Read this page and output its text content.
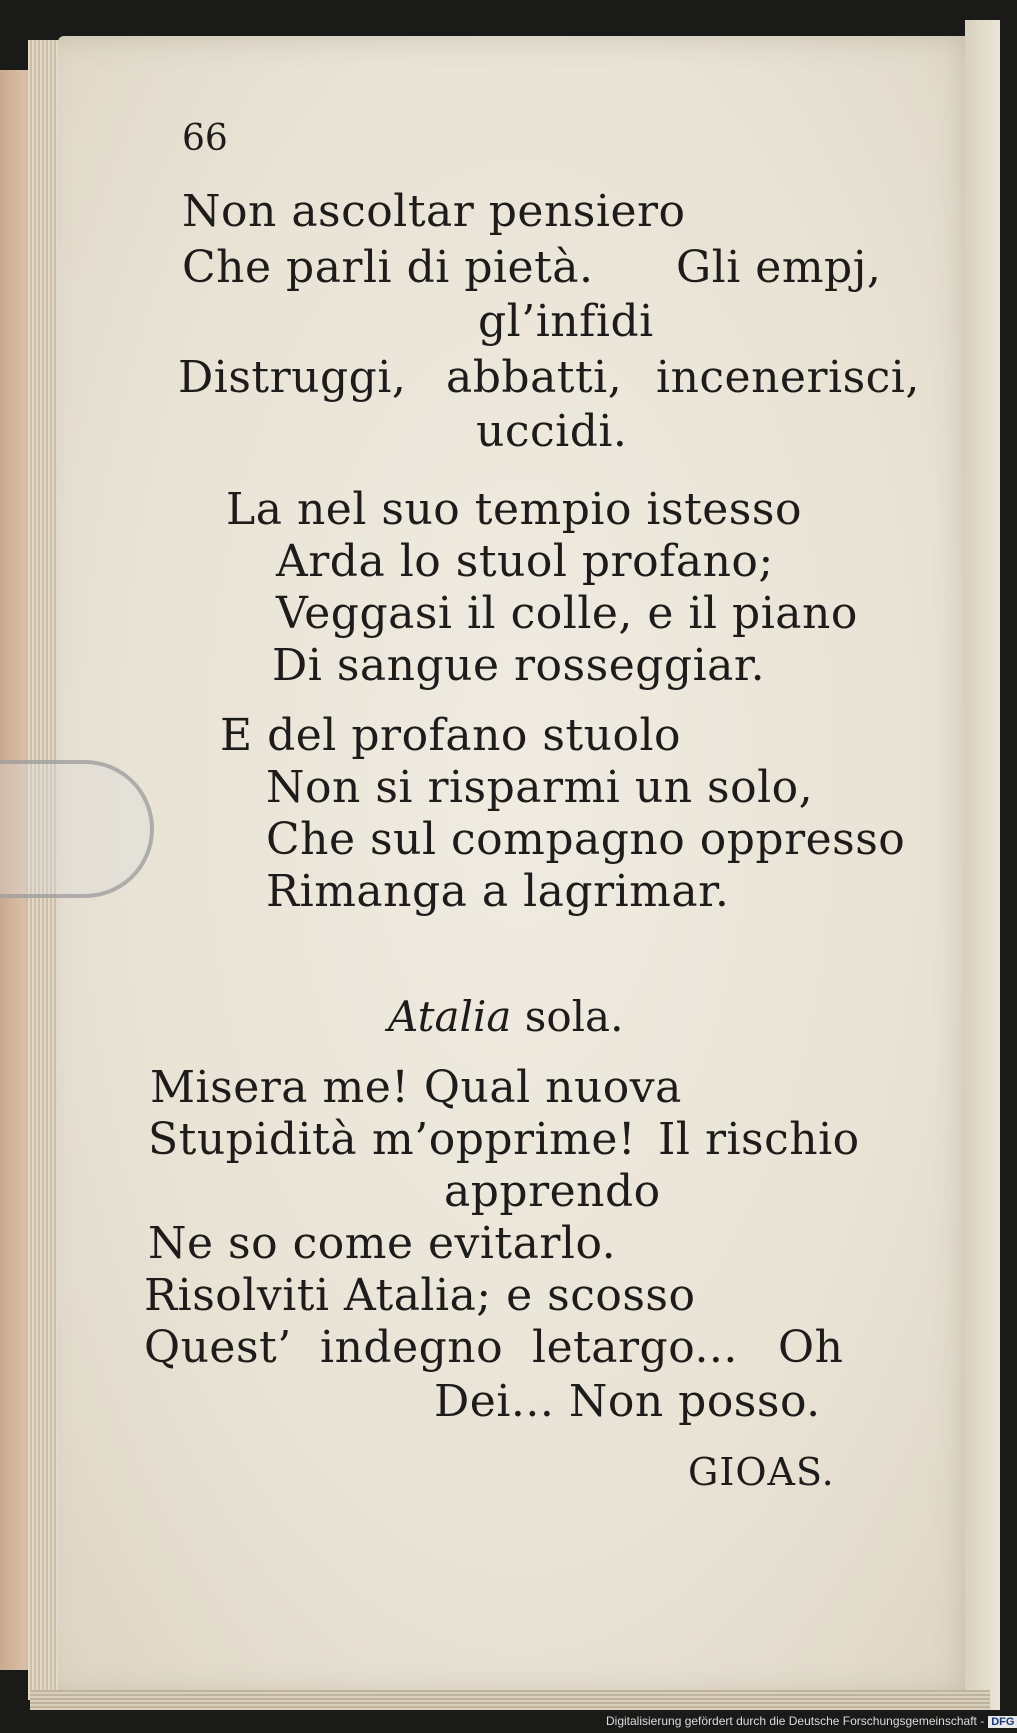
66
Non ascoltar pensiero
Che parli di pietà. Gli empj,
gl’infidi
Distruggi, abbatti, incenerisci,
uccidi.
La nel suo tempio istesso
Arda lo stuol profano;
Veggasi il colle, e il piano
Di sangue rosseggiar.
E del profano stuolo
Non si risparmi un solo,
Che sul compagno oppresso
Rimanga a lagrimar.
Atalia sola.
Misera me! Qual nuova
Stupidità m’opprime! Il rischio
apprendo
Ne so come evitarlo.
Risolviti Atalia; e scosso
Quest’ indegno letargo... Oh
Dei... Non posso.
GIOAS.
Digitalisierung gefördert durch die Deutsche Forschungsgemeinschaft - DFG
